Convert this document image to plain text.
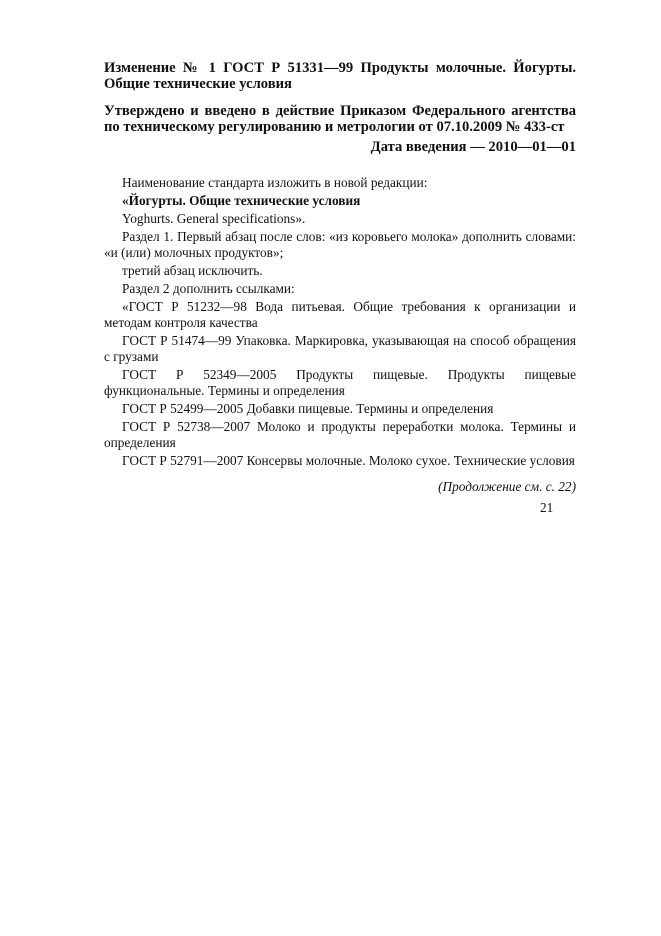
Изменение № 1 ГОСТ Р 51331—99 Продукты молочные. Йогурты. Общие технические условия

Утверждено и введено в действие Приказом Федерального агентства по техническому регулированию и метрологии от 07.10.2009 № 433-ст

Дата введения — 2010—01—01

Наименование стандарта изложить в новой редакции:

«Йогурты. Общие технические условия

Yoghurts. General specifications».

Раздел 1. Первый абзац после слов: «из коровьего молока» дополнить словами: «и (или) молочных продуктов»;

третий абзац исключить.

Раздел 2 дополнить ссылками:

«ГОСТ Р 51232—98 Вода питьевая. Общие требования к организации и методам контроля качества

ГОСТ Р 51474—99 Упаковка. Маркировка, указывающая на способ обращения с грузами

ГОСТ Р 52349—2005 Продукты пищевые. Продукты пищевые функциональные. Термины и определения

ГОСТ Р 52499—2005 Добавки пищевые. Термины и определения

ГОСТ Р 52738—2007 Молоко и продукты переработки молока. Термины и определения

ГОСТ Р 52791—2007 Консервы молочные. Молоко сухое. Технические условия

(Продолжение см. с. 22)

21
